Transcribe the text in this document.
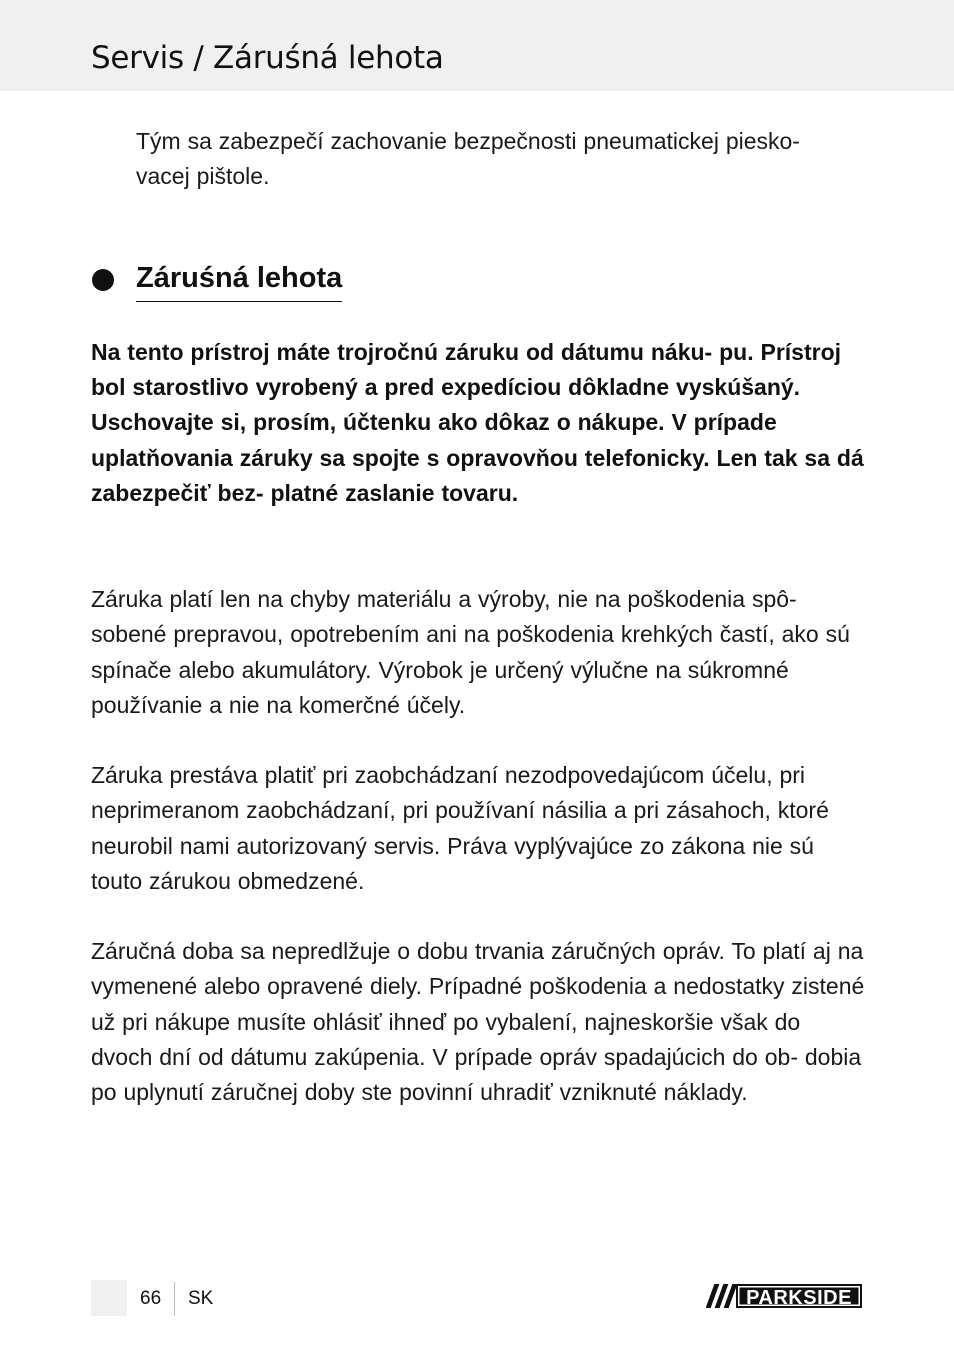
Servis / Záruśná lehota

Tým sa zabezpečí zachovanie bezpečnosti pneumatickej piesko- vacej pištole.

Záruśná lehota

Na tento prístroj máte trojročnú záruku od dátumu náku- pu. Prístroj bol starostlivo vyrobený a pred expedíciou dôkladne vyskúšaný. Uschovajte si, prosím, účtenku ako dôkaz o nákupe. V prípade uplatňovania záruky sa spojte s opravovňou telefonicky. Len tak sa dá zabezpečiť bez- platné zaslanie tovaru.

Záruka platí len na chyby materiálu a výroby, nie na poškodenia spô- sobené prepravou, opotrebením ani na poškodenia krehkých častí, ako sú spínače alebo akumulátory. Výrobok je určený výlučne na súkromné používanie a nie na komerčné účely.

Záruka prestáva platiť pri zaobchádzaní nezodpovedajúcom účelu, pri neprimeranom zaobchádzaní, pri používaní násilia a pri zásahoch, ktoré neurobil nami autorizovaný servis. Práva vyplývajúce zo zákona nie sú touto zárukou obmedzené.

Záručná doba sa nepredlžuje o dobu trvania záručných opráv. To platí aj na vymenené alebo opravené diely. Prípadné poškodenia a nedostatky zistené už pri nákupe musíte ohlásiť ihneď po vybalení, najneskoršie však do dvoch dní od dátumu zakúpenia. V prípade opráv spadajúcich do ob- dobia po uplynutí záručnej doby ste povinní uhradiť vzniknuté náklady.

66 SK	PARKSIDE
